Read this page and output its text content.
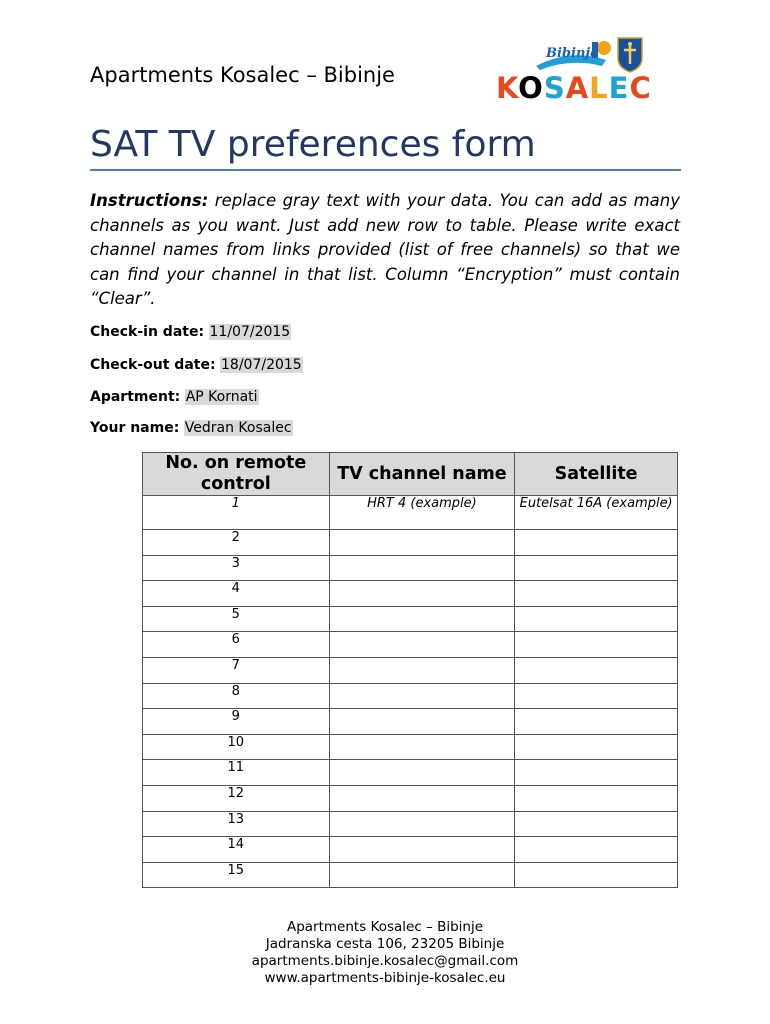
Apartments Kosalec – Bibinje
Bibinje
KOSALEC
SAT TV preferences form
Instructions: replace gray text with your data. You can add as many channels as you want. Just add new row to table. Please write exact channel names from links provided (list of free channels) so that we can find your channel in that list. Column “Encryption” must contain “Clear”.
Check-in date: 11/07/2015
Check-out date: 18/07/2015
Apartment: AP Kornati
Your name: Vedran Kosalec
No. on remote control	TV channel name	Satellite
1	HRT 4 (example)	Eutelsat 16A (example)
2		
3		
4		
5		
6		
7		
8		
9		
10		
11		
12		
13		
14		
15		
Apartments Kosalec – Bibinje
Jadranska cesta 106, 23205 Bibinje
apartments.bibinje.kosalec@gmail.com
www.apartments-bibinje-kosalec.eu
